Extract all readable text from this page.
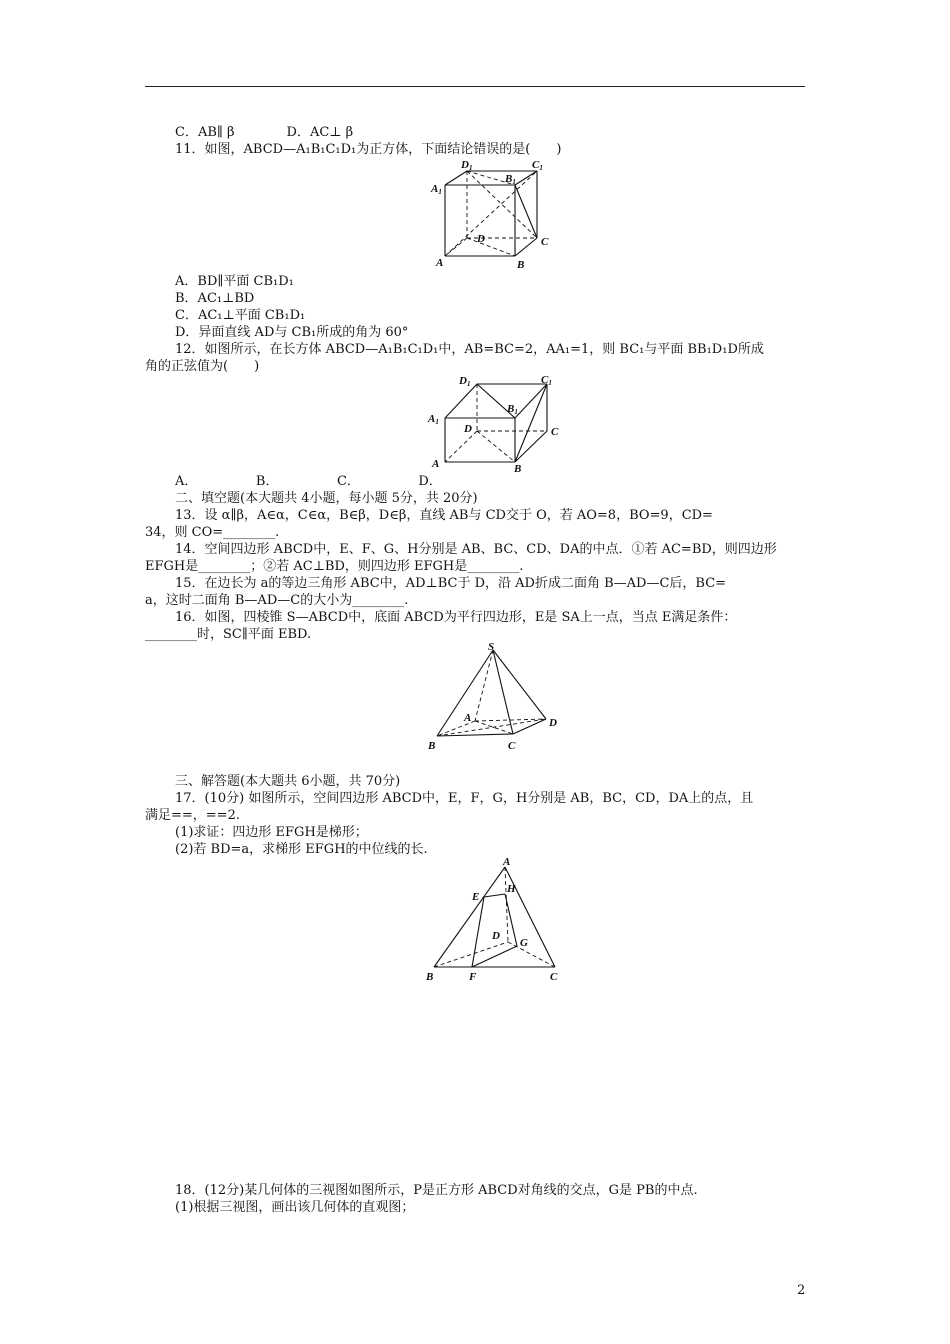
C．AB∥ β　　　　D．AC⊥ β
11．如图，ABCD—A₁B₁C₁D₁为正方体，下面结论错误的是(　　)
D1	C1
B1
A1
D	C
A	B
A．BD∥平面 CB₁D₁
B．AC₁⊥BD
C．AC₁⊥平面 CB₁D₁
D．异面直线 AD与 CB₁所成的角为 60°
12．如图所示，在长方体 ABCD—A₁B₁C₁D₁中，AB=BC=2，AA₁=1，则 BC₁与平面 BB₁D₁D所成
角的正弦值为(　　)
D1	C1
B1
A1
D	C
A	B
A．　　　　　B．　　　　　C．　　　　　D．
二、填空题(本大题共 4小题，每小题 5分，共 20分)
13．设 α∥β，A∈α，C∈α，B∈β，D∈β，直线 AB与 CD交于 O，若 AO=8，BO=9，CD=
34，则 CO=________.
14．空间四边形 ABCD中，E、F、G、H分别是 AB、BC、CD、DA的中点．①若 AC=BD，则四边形
EFGH是________；②若 AC⊥BD，则四边形 EFGH是________.
15．在边长为 a的等边三角形 ABC中，AD⊥BC于 D，沿 AD折成二面角 B—AD—C后，BC=
a，这时二面角 B—AD—C的大小为________.
16．如图，四棱锥 S—ABCD中，底面 ABCD为平行四边形，E是 SA上一点，当点 E满足条件：
________时，SC∥平面 EBD.
S
A	D
B	C
三、解答题(本大题共 6小题，共 70分)
17．(10分) 如图所示，空间四边形 ABCD中，E，F，G，H分别是 AB，BC，CD，DA上的点，且
满足==，==2.
(1)求证：四边形 EFGH是梯形；
(2)若 BD=a，求梯形 EFGH的中位线的长.
A
E
H
D
G
B	F	C
18．(12分)某几何体的三视图如图所示，P是正方形 ABCD对角线的交点，G是 PB的中点.
(1)根据三视图，画出该几何体的直观图；
2
